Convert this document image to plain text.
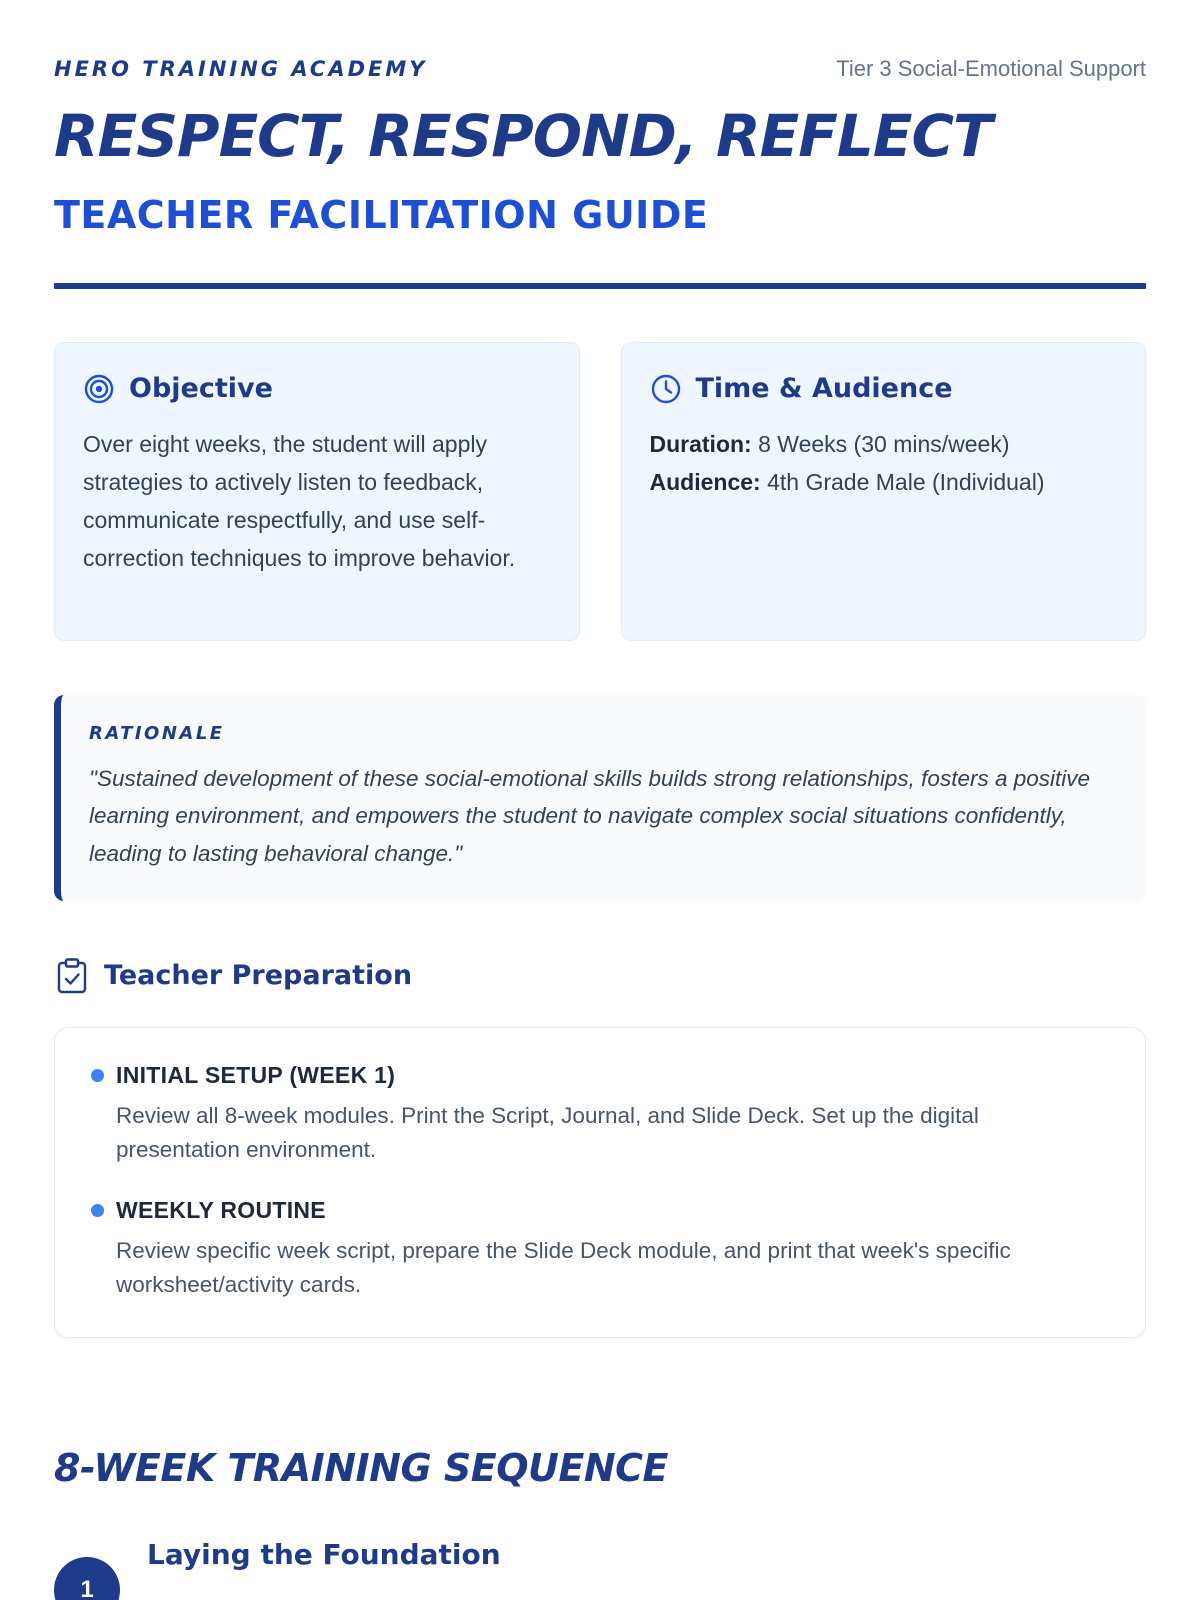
HERO TRAINING ACADEMY	Tier 3 Social-Emotional Support
RESPECT, RESPOND, REFLECT
TEACHER FACILITATION GUIDE
Objective

Over eight weeks, the student will apply strategies to actively listen to feedback, communicate respectfully, and use self-correction techniques to improve behavior.

Time & Audience
Duration: 8 Weeks (30 mins/week)
Audience: 4th Grade Male (Individual)
RATIONALE

"Sustained development of these social-emotional skills builds strong relationships, fosters a positive learning environment, and empowers the student to navigate complex social situations confidently, leading to lasting behavioral change."

Teacher Preparation
INITIAL SETUP (WEEK 1)

Review all 8-week modules. Print the Script, Journal, and Slide Deck. Set up the digital presentation environment.

WEEKLY ROUTINE

Review specific week script, prepare the Slide Deck module, and print that week's specific worksheet/activity cards.

8-WEEK TRAINING SEQUENCE
1
Laying the Foundation
